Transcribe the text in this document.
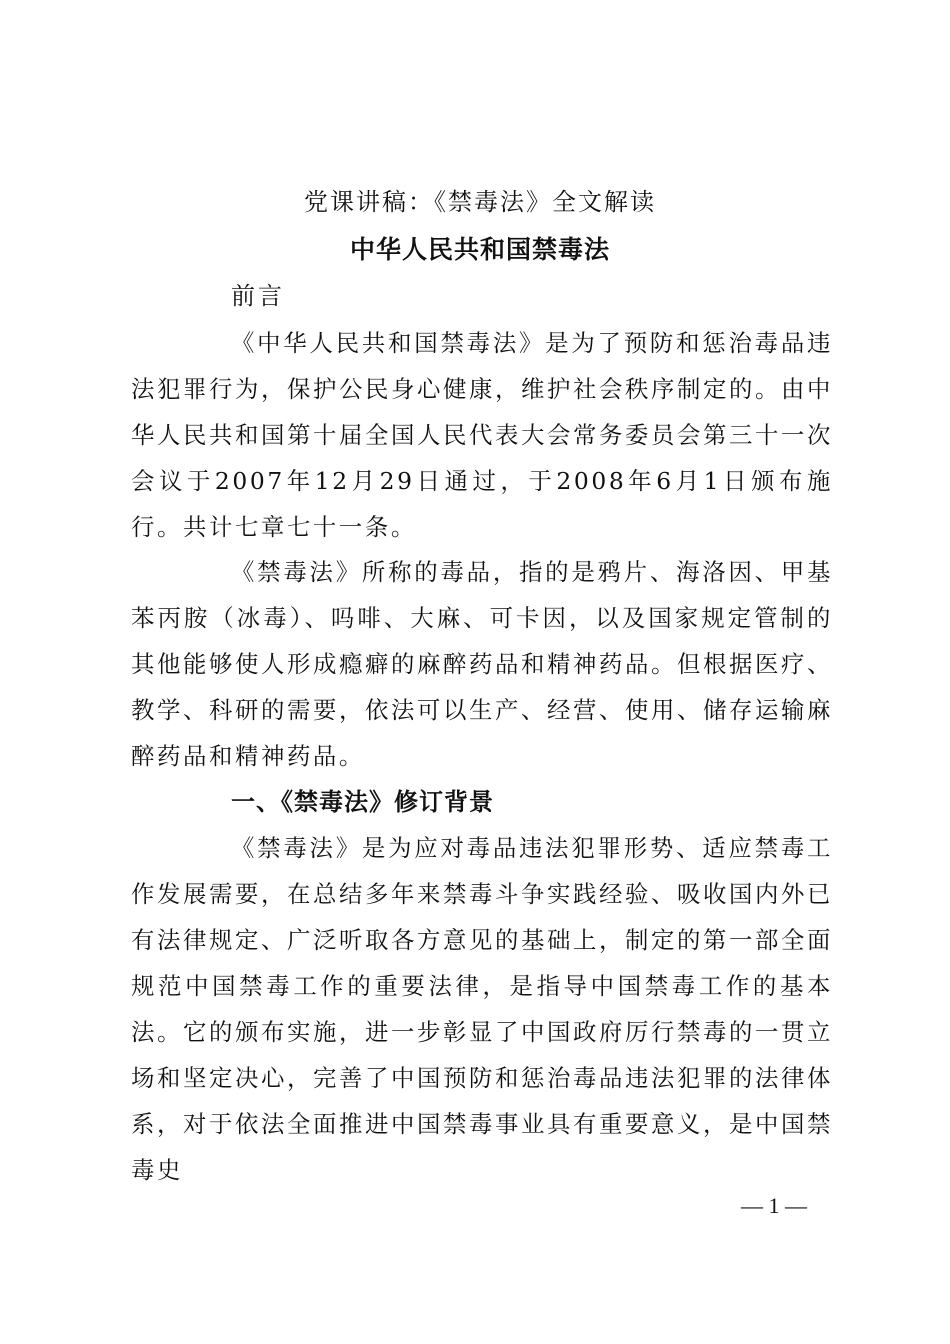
党课讲稿：《禁毒法》全文解读
中华人民共和国禁毒法
前言

《中华人民共和国禁毒法》是为了预防和惩治毒品违法犯罪行为，保护公民身心健康，维护社会秩序制定的。由中华人民共和国第十届全国人民代表大会常务委员会第三十一次会议于2007年12月29日通过，于2008年6月1日颁布施行。共计七章七十一条。

《禁毒法》所称的毒品，指的是鸦片、海洛因、甲基苯丙胺（冰毒）、吗啡、大麻、可卡因，以及国家规定管制的其他能够使人形成瘾癖的麻醉药品和精神药品。但根据医疗、教学、科研的需要，依法可以生产、经营、使用、储存运输麻醉药品和精神药品。

一、《禁毒法》修订背景

《禁毒法》是为应对毒品违法犯罪形势、适应禁毒工作发展需要，在总结多年来禁毒斗争实践经验、吸收国内外已有法律规定、广泛听取各方意见的基础上，制定的第一部全面规范中国禁毒工作的重要法律，是指导中国禁毒工作的基本法。它的颁布实施，进一步彰显了中国政府厉行禁毒的一贯立场和坚定决心，完善了中国预防和惩治毒品违法犯罪的法律体系，对于依法全面推进中国禁毒事业具有重要意义，是中国禁毒史

— 1 —
